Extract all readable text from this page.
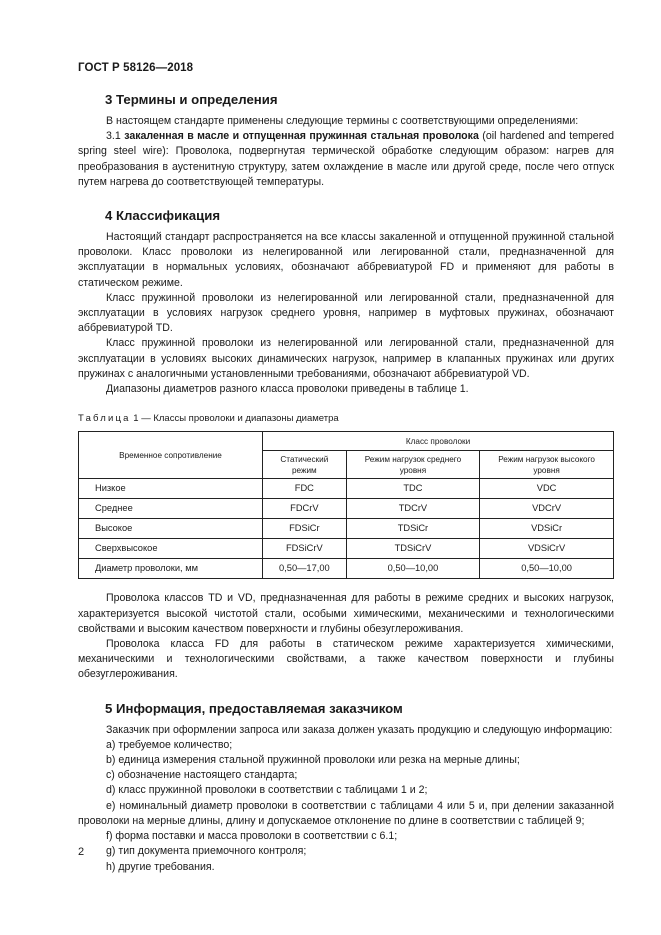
ГОСТ Р 58126—2018
3 Термины и определения

В настоящем стандарте применены следующие термины с соответствующими определениями:

3.1 закаленная в масле и отпущенная пружинная стальная проволока (oil hardened and tempered spring steel wire): Проволока, подвергнутая термической обработке следующим образом: нагрев для преобразования в аустенитную структуру, затем охлаждение в масле или другой среде, после чего отпуск путем нагрева до соответствующей температуры.

4 Классификация

Настоящий стандарт распространяется на все классы закаленной и отпущенной пружинной стальной проволоки. Класс проволоки из нелегированной или легированной стали, предназначенной для эксплуатации в нормальных условиях, обозначают аббревиатурой FD и применяют для работы в статическом режиме.

Класс пружинной проволоки из нелегированной или легированной стали, предназначенной для эксплуатации в условиях нагрузок среднего уровня, например в муфтовых пружинах, обозначают аббревиатурой TD.

Класс пружинной проволоки из нелегированной или легированной стали, предназначенной для эксплуатации в условиях высоких динамических нагрузок, например в клапанных пружинах или других пружинах с аналогичными установленными требованиями, обозначают аббревиатурой VD.

Диапазоны диаметров разного класса проволоки приведены в таблице 1.

Таблица 1 — Классы проволоки и диапазоны диаметра
Временное сопротивление	Класс проволоки		
	Статический режим	Режим нагрузок среднего уровня	Режим нагрузок высокого уровня
Низкое	FDC	TDC	VDC
Среднее	FDCrV	TDCrV	VDCrV
Высокое	FDSiCr	TDSiCr	VDSiCr
Сверхвысокое	FDSiCrV	TDSiCrV	VDSiCrV
Диаметр проволоки, мм	0,50—17,00	0,50—10,00	0,50—10,00

Проволока классов TD и VD, предназначенная для работы в режиме средних и высоких нагрузок, характеризуется высокой чистотой стали, особыми химическими, механическими и технологическими свойствами и высоким качеством поверхности и глубины обезуглероживания.

Проволока класса FD для работы в статическом режиме характеризуется химическими, механическими и технологическими свойствами, а также качеством поверхности и глубины обезуглероживания.

5 Информация, предоставляемая заказчиком

Заказчик при оформлении запроса или заказа должен указать продукцию и следующую информацию:

a) требуемое количество;

b) единица измерения стальной пружинной проволоки или резка на мерные длины;

c) обозначение настоящего стандарта;

d) класс пружинной проволоки в соответствии с таблицами 1 и 2;

e) номинальный диаметр проволоки в соответствии с таблицами 4 или 5 и, при делении заказанной проволоки на мерные длины, длину и допускаемое отклонение по длине в соответствии с таблицей 9;

f) форма поставки и масса проволоки в соответствии с 6.1;

g) тип документа приемочного контроля;

h) другие требования.

2
